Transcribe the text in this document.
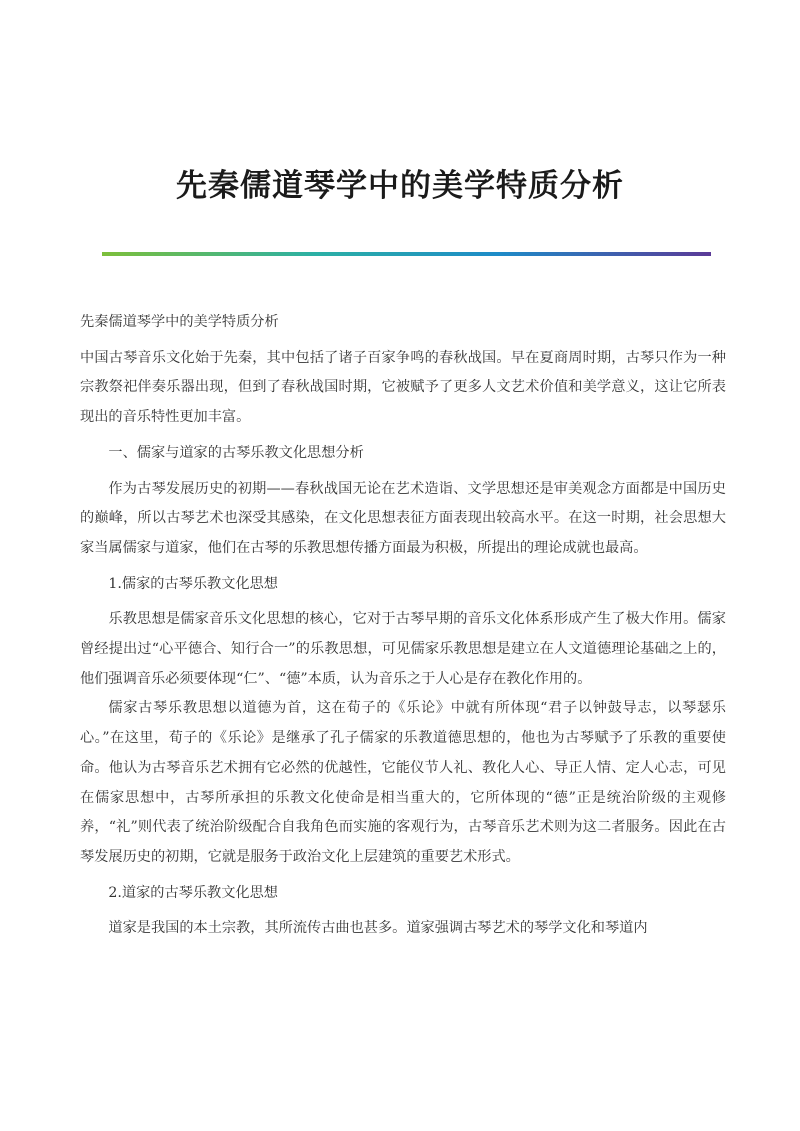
先秦儒道琴学中的美学特质分析

先秦儒道琴学中的美学特质分析

中国古琴音乐文化始于先秦，其中包括了诸子百家争鸣的春秋战国。早在夏商周时期，古琴只作为一种宗教祭祀伴奏乐器出现，但到了春秋战国时期，它被赋予了更多人文艺术价值和美学意义，这让它所表现出的音乐特性更加丰富。

一、儒家与道家的古琴乐教文化思想分析

作为古琴发展历史的初期——春秋战国无论在艺术造诣、文学思想还是审美观念方面都是中国历史的巅峰，所以古琴艺术也深受其感染，在文化思想表征方面表现出较高水平。在这一时期，社会思想大家当属儒家与道家，他们在古琴的乐教思想传播方面最为积极，所提出的理论成就也最高。

1.儒家的古琴乐教文化思想

乐教思想是儒家音乐文化思想的核心，它对于古琴早期的音乐文化体系形成产生了极大作用。儒家曾经提出过“心平德合、知行合一”的乐教思想，可见儒家乐教思想是建立在人文道德理论基础之上的，他们强调音乐必须要体现“仁”、“德”本质，认为音乐之于人心是存在教化作用的。

儒家古琴乐教思想以道德为首，这在荀子的《乐论》中就有所体现“君子以钟鼓导志，以琴瑟乐心。”在这里，荀子的《乐论》是继承了孔子儒家的乐教道德思想的，他也为古琴赋予了乐教的重要使命。他认为古琴音乐艺术拥有它必然的优越性，它能仪节人礼、教化人心、导正人情、定人心志，可见在儒家思想中，古琴所承担的乐教文化使命是相当重大的，它所体现的“德”正是统治阶级的主观修养，“礼”则代表了统治阶级配合自我角色而实施的客观行为，古琴音乐艺术则为这二者服务。因此在古琴发展历史的初期，它就是服务于政治文化上层建筑的重要艺术形式。

2.道家的古琴乐教文化思想

道家是我国的本土宗教，其所流传古曲也甚多。道家强调古琴艺术的琴学文化和琴道内
